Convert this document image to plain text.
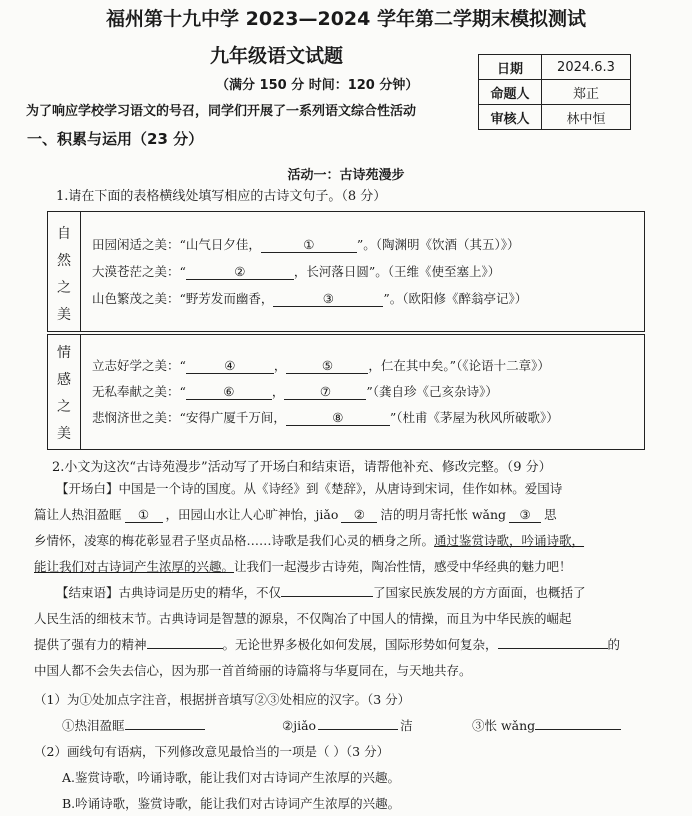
福州第十九中学 2023—2024 学年第二学期末模拟测试
九年级语文试题
（满分 150 分 时间：120 分钟）
为了响应学校学习语文的号召，同学们开展了一系列语文综合性活动
一、积累与运用（23 分）
日期	2024.6.3
命题人	郑正
审核人	林中恒
活动一：古诗苑漫步
1.请在下面的表格横线处填写相应的古诗文句子。（8 分）
自
然
之
美
田园闲适之美：“山气日夕佳，	①	”。（陶渊明《饮酒（其五）》）
大漠苍茫之美：“	②	，长河落日圆”。（王维《使至塞上》）
山色繁茂之美：“野芳发而幽香，	③	”。（欧阳修《醉翁亭记》）
情
感
之
美
立志好学之美：“	④	，	⑤	，仁在其中矣。”（《论语十二章》）
无私奉献之美：“	⑥	，	⑦	”（龚自珍《己亥杂诗》）
悲悯济世之美：“安得广厦千万间，	⑧	”（杜甫《茅屋为秋风所破歌》）
2.小文为这次“古诗苑漫步”活动写了开场白和结束语，请帮他补充、修改完整。（9 分）
【开场白】中国是一个诗的国度。从《诗经》到《楚辞》，从唐诗到宋词，佳作如林。爱国诗
篇让人热泪盈眶 ① ，田园山水让人心旷神怡，jiǎo ② 洁的明月寄托怅 wǎng ③ 思
乡情怀，凌寒的梅花彰显君子坚贞品格……诗歌是我们心灵的栖身之所。通过鉴赏诗歌，吟诵诗歌，
能让我们对古诗词产生浓厚的兴趣。让我们一起漫步古诗苑，陶冶性情，感受中华经典的魅力吧！
【结束语】古典诗词是历史的精华，不仅	了国家民族发展的方方面面，也概括了
人民生活的细枝末节。古典诗词是智慧的源泉，不仅陶冶了中国人的情操，而且为中华民族的崛起
提供了强有力的精神	。无论世界多极化如何发展，国际形势如何复杂，	的
中国人都不会失去信心，因为那一首首绮丽的诗篇将与华夏同在，与天地共存。
（1）为①处加点字注音，根据拼音填写②③处相应的汉字。（3 分）
①热泪盈眶	②jiǎo	洁	③怅 wǎng
（2）画线句有语病，下列修改意见最恰当的一项是（ ）（3 分）
A.鉴赏诗歌，吟诵诗歌，能让我们对古诗词产生浓厚的兴趣。
B.吟诵诗歌，鉴赏诗歌，能让我们对古诗词产生浓厚的兴趣。
